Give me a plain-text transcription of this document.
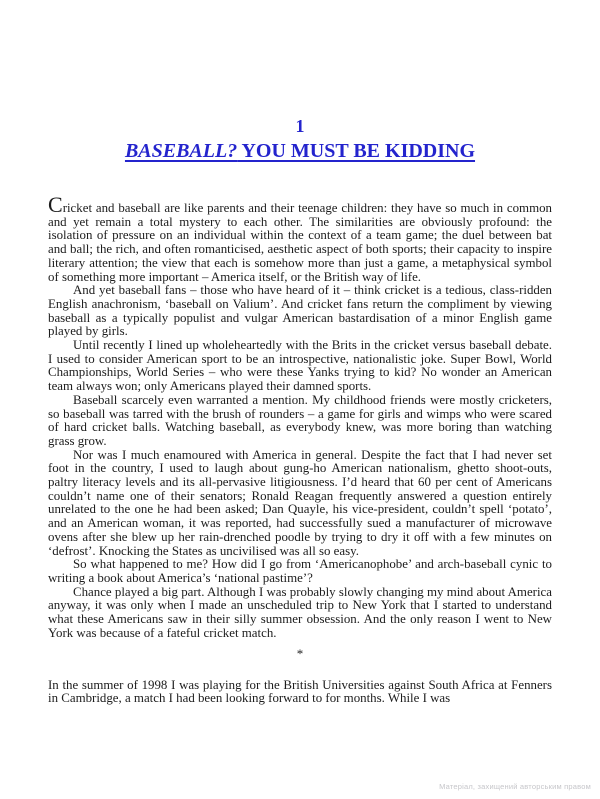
1
BASEBALL? YOU MUST BE KIDDING

Cricket and baseball are like parents and their teenage children: they have so much in common and yet remain a total mystery to each other. The similarities are obviously profound: the isolation of pressure on an individual within the context of a team game; the duel between bat and ball; the rich, and often romanticised, aesthetic aspect of both sports; their capacity to inspire literary attention; the view that each is somehow more than just a game, a metaphysical symbol of something more important – America itself, or the British way of life.

And yet baseball fans – those who have heard of it – think cricket is a tedious, class-ridden English anachronism, ‘baseball on Valium’. And cricket fans return the compliment by viewing baseball as a typically populist and vulgar American bastardisation of a minor English game played by girls.

Until recently I lined up wholeheartedly with the Brits in the cricket versus baseball debate. I used to consider American sport to be an introspective, nationalistic joke. Super Bowl, World Championships, World Series – who were these Yanks trying to kid? No wonder an American team always won; only Americans played their damned sports.

Baseball scarcely even warranted a mention. My childhood friends were mostly cricketers, so baseball was tarred with the brush of rounders – a game for girls and wimps who were scared of hard cricket balls. Watching baseball, as everybody knew, was more boring than watching grass grow.

Nor was I much enamoured with America in general. Despite the fact that I had never set foot in the country, I used to laugh about gung-ho American nationalism, ghetto shoot-outs, paltry literacy levels and its all-pervasive litigiousness. I’d heard that 60 per cent of Americans couldn’t name one of their senators; Ronald Reagan frequently answered a question entirely unrelated to the one he had been asked; Dan Quayle, his vice-president, couldn’t spell ‘potato’, and an American woman, it was reported, had successfully sued a manufacturer of microwave ovens after she blew up her rain-drenched poodle by trying to dry it off with a few minutes on ‘defrost’. Knocking the States as uncivilised was all so easy.

So what happened to me? How did I go from ‘Americanophobe’ and arch-baseball cynic to writing a book about America’s ‘national pastime’?

Chance played a big part. Although I was probably slowly changing my mind about America anyway, it was only when I made an unscheduled trip to New York that I started to understand what these Americans saw in their silly summer obsession. And the only reason I went to New York was because of a fateful cricket match.

*

In the summer of 1998 I was playing for the British Universities against South Africa at Fenners in Cambridge, a match I had been looking forward to for months. While I was

Матеріал, захищений авторським правом
